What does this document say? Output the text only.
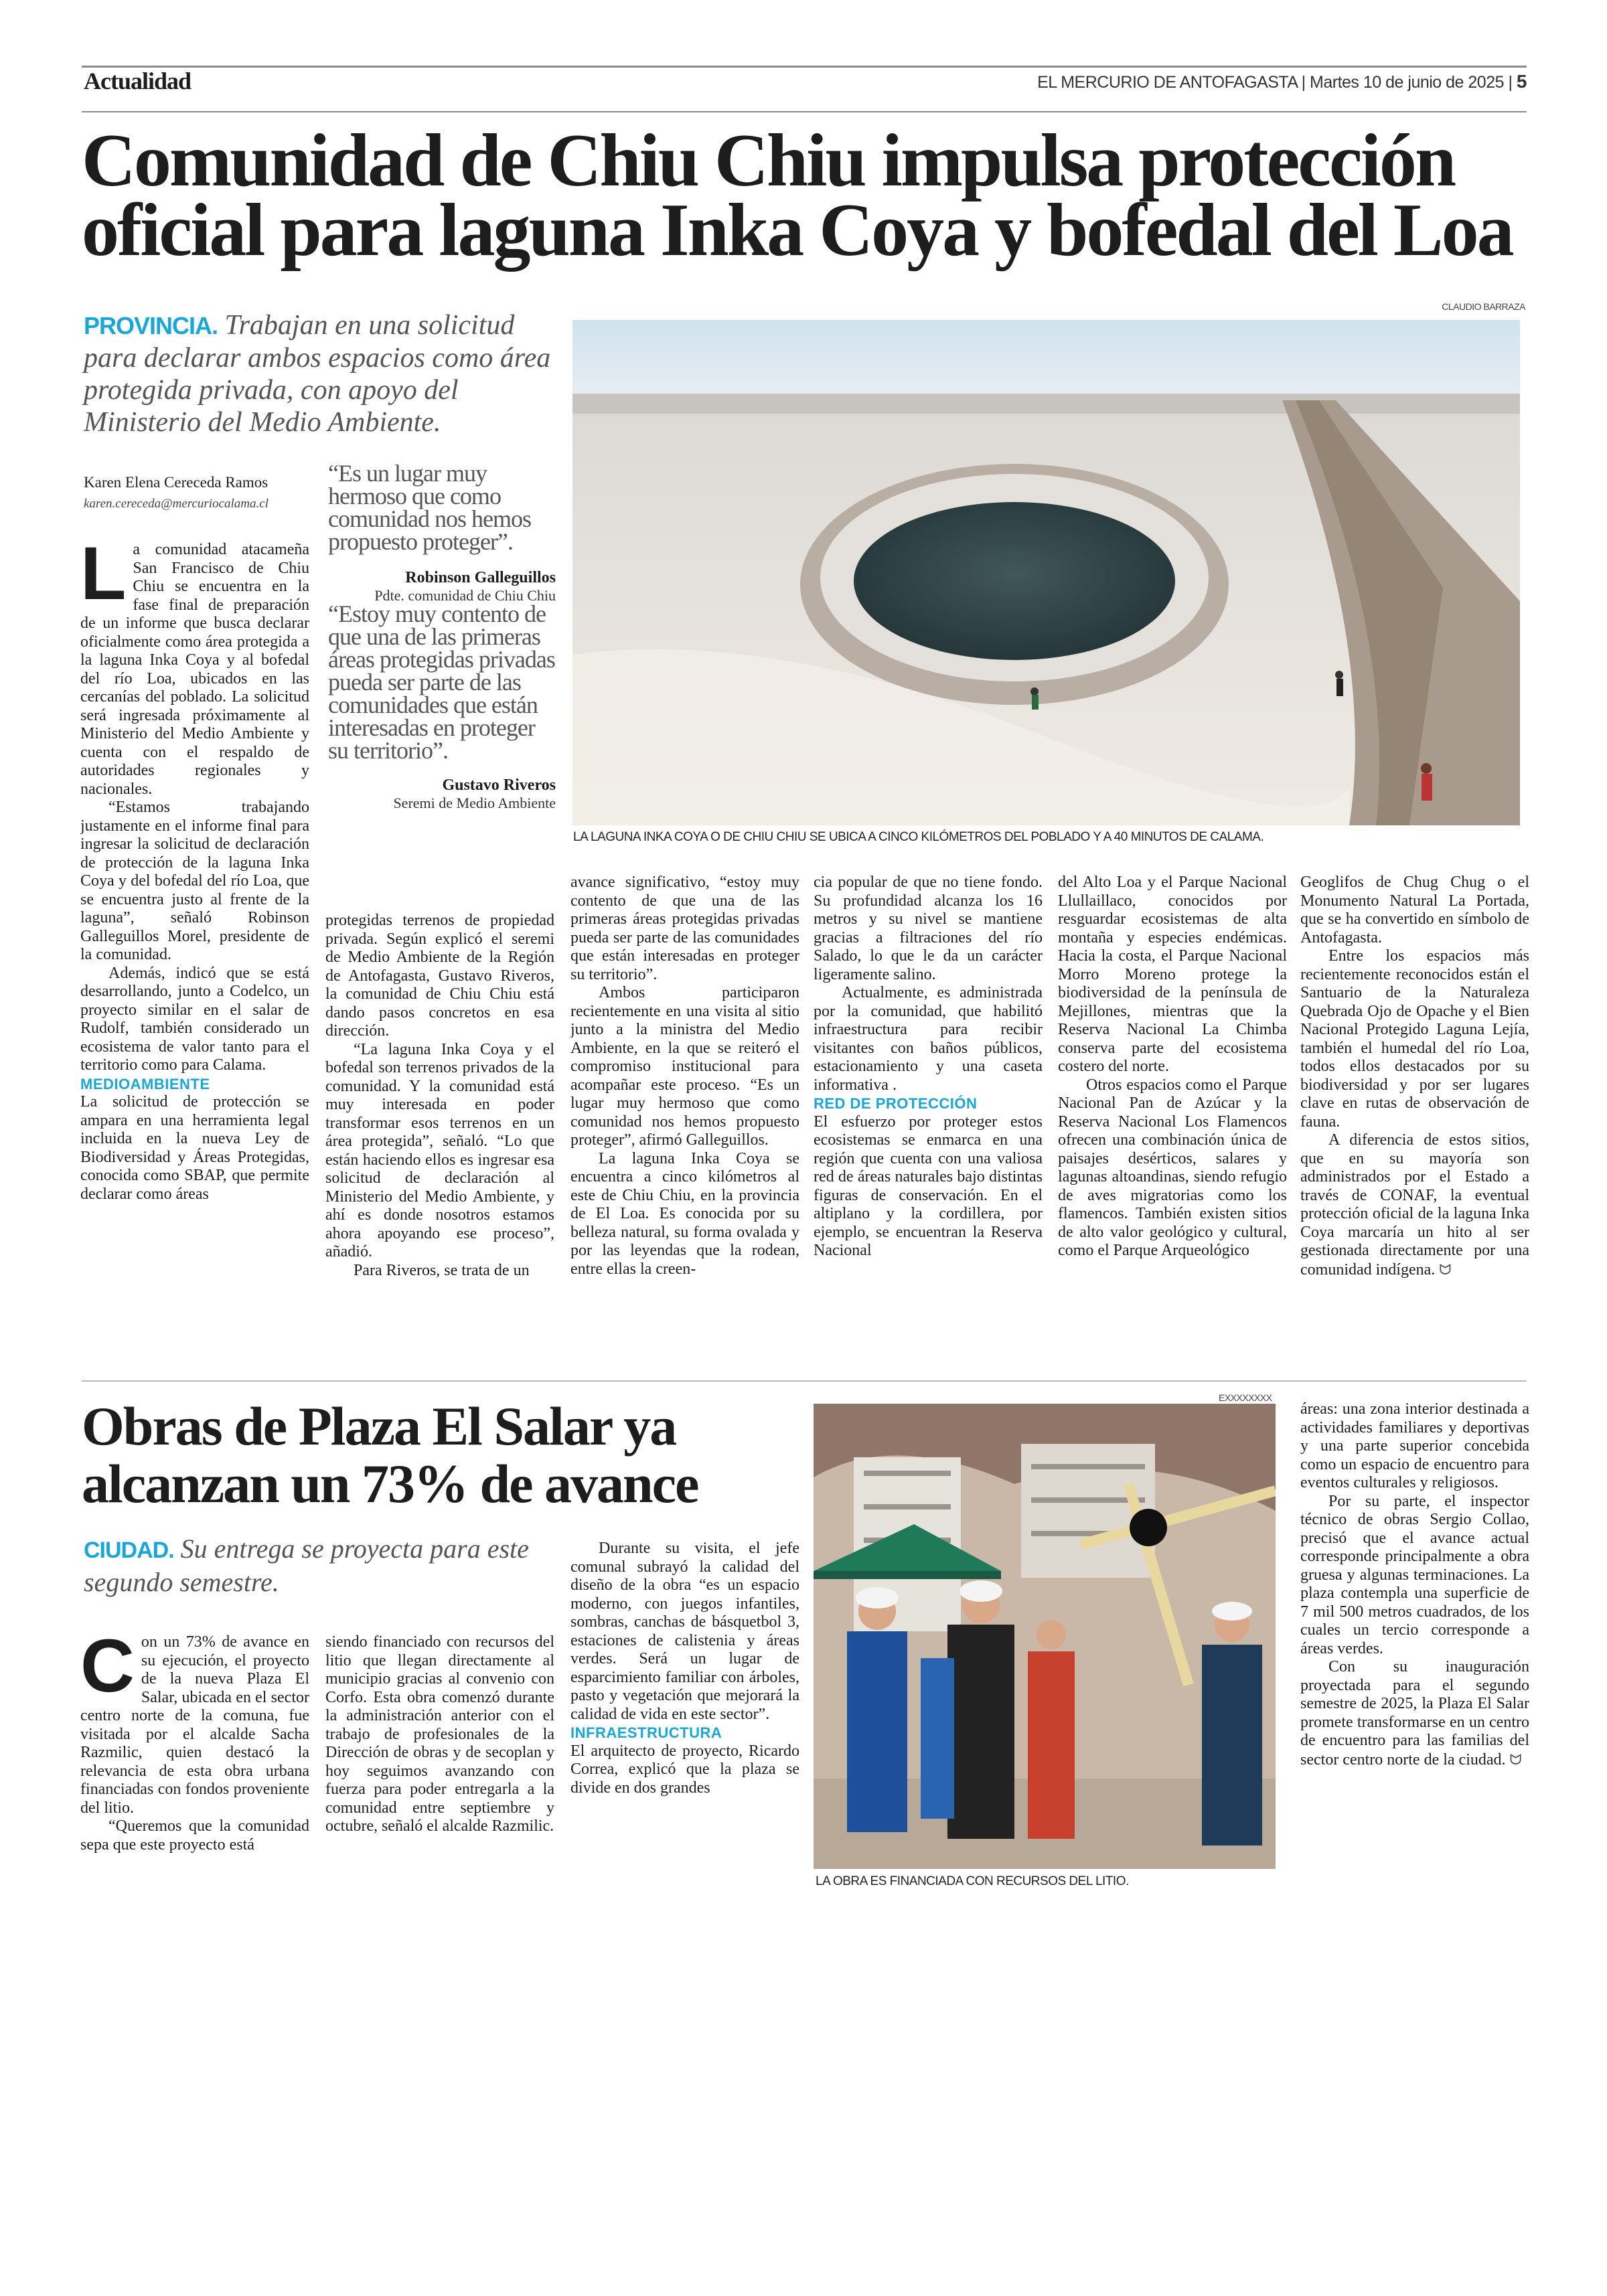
Actualidad	EL MERCURIO DE ANTOFAGASTA | Martes 10 de junio de 2025 | 5
Comunidad de Chiu Chiu impulsa protección
oficial para laguna Inka Coya y bofedal del Loa
PROVINCIA. Trabajan en una solicitud para declarar ambos espacios como área protegida privada, con apoyo del Ministerio del Medio Ambiente.
Karen Elena Cereceda Ramos
karen.cereceda@mercuriocalama.cl
CLAUDIO BARRAZA
LA LAGUNA INKA COYA O DE CHIU CHIU SE UBICA A CINCO KILÓMETROS DEL POBLADO Y A 40 MINUTOS DE CALAMA.
“Es un lugar muy hermoso que como comunidad nos hemos propuesto proteger”.
Robinson Galleguillos
Pdte. comunidad de Chiu Chiu
“Estoy muy contento de que una de las primeras áreas protegidas privadas pueda ser parte de las comunidades que están interesadas en proteger su territorio”.
Gustavo Riveros
Seremi de Medio Ambiente

La comunidad atacameña San Francisco de Chiu Chiu se encuentra en la fase final de preparación de un informe que busca declarar oficialmente como área protegida a la laguna Inka Coya y al bofedal del río Loa, ubicados en las cercanías del poblado. La solicitud será ingresada próximamente al Ministerio del Medio Ambiente y cuenta con el respaldo de autoridades regionales y nacionales.

“Estamos trabajando justamente en el informe final para ingresar la solicitud de declaración de protección de la laguna Inka Coya y del bofedal del río Loa, que se encuentra justo al frente de la laguna”, señaló Robinson Galleguillos Morel, presidente de la comunidad.

Además, indicó que se está desarrollando, junto a Codelco, un proyecto similar en el salar de Rudolf, también considerado un ecosistema de valor tanto para el territorio como para Calama.

MEDIOAMBIENTE

La solicitud de protección se ampara en una herramienta legal incluida en la nueva Ley de Biodiversidad y Áreas Protegidas, conocida como SBAP, que permite declarar como áreas

protegidas terrenos de propiedad privada. Según explicó el seremi de Medio Ambiente de la Región de Antofagasta, Gustavo Riveros, la comunidad de Chiu Chiu está dando pasos concretos en esa dirección.

“La laguna Inka Coya y el bofedal son terrenos privados de la comunidad. Y la comunidad está muy interesada en poder transformar esos terrenos en un área protegida”, señaló. “Lo que están haciendo ellos es ingresar esa solicitud de declaración al Ministerio del Medio Ambiente, y ahí es donde nosotros estamos ahora apoyando ese proceso”, añadió.

Para Riveros, se trata de un

avance significativo, “estoy muy contento de que una de las primeras áreas protegidas privadas pueda ser parte de las comunidades que están interesadas en proteger su territorio”.

Ambos participaron recientemente en una visita al sitio junto a la ministra del Medio Ambiente, en la que se reiteró el compromiso institucional para acompañar este proceso. “Es un lugar muy hermoso que como comunidad nos hemos propuesto proteger”, afirmó Galleguillos.

La laguna Inka Coya se encuentra a cinco kilómetros al este de Chiu Chiu, en la provincia de El Loa. Es conocida por su belleza natural, su forma ovalada y por las leyendas que la rodean, entre ellas la creen-

cia popular de que no tiene fondo. Su profundidad alcanza los 16 metros y su nivel se mantiene gracias a filtraciones del río Salado, lo que le da un carácter ligeramente salino.

Actualmente, es administrada por la comunidad, que habilitó infraestructura para recibir visitantes con baños públicos, estacionamiento y una caseta informativa .

RED DE PROTECCIÓN

El esfuerzo por proteger estos ecosistemas se enmarca en una región que cuenta con una valiosa red de áreas naturales bajo distintas figuras de conservación. En el altiplano y la cordillera, por ejemplo, se encuentran la Reserva Nacional

del Alto Loa y el Parque Nacional Llullaillaco, conocidos por resguardar ecosistemas de alta montaña y especies endémicas. Hacia la costa, el Parque Nacional Morro Moreno protege la biodiversidad de la península de Mejillones, mientras que la Reserva Nacional La Chimba conserva parte del ecosistema costero del norte.

Otros espacios como el Parque Nacional Pan de Azúcar y la Reserva Nacional Los Flamencos ofrecen una combinación única de paisajes desérticos, salares y lagunas altoandinas, siendo refugio de aves migratorias como los flamencos. También existen sitios de alto valor geológico y cultural, como el Parque Arqueológico

Geoglifos de Chug Chug o el Monumento Natural La Portada, que se ha convertido en símbolo de Antofagasta.

Entre los espacios más recientemente reconocidos están el Santuario de la Naturaleza Quebrada Ojo de Opache y el Bien Nacional Protegido Laguna Lejía, también el humedal del río Loa, todos ellos destacados por su biodiversidad y por ser lugares clave en rutas de observación de fauna.

A diferencia de estos sitios, que en su mayoría son administrados por el Estado a través de CONAF, la eventual protección oficial de la laguna Inka Coya marcaría un hito al ser gestionada directamente por una comunidad indígena. ᗢ

Obras de Plaza El Salar ya
alcanzan un 73% de avance
CIUDAD. Su entrega se proyecta para este segundo semestre.

Con un 73% de avance en su ejecución, el proyecto de la nueva Plaza El Salar, ubicada en el sector centro norte de la comuna, fue visitada por el alcalde Sacha Razmilic, quien destacó la relevancia de esta obra urbana financiadas con fondos proveniente del litio.

“Queremos que la comunidad sepa que este proyecto está

siendo financiado con recursos del litio que llegan directamente al municipio gracias al convenio con Corfo. Esta obra comenzó durante la administración anterior con el trabajo de profesionales de la Dirección de obras y de secoplan y hoy seguimos avanzando con fuerza para poder entregarla a la comunidad entre septiembre y octubre, señaló el alcalde Razmilic.

Durante su visita, el jefe comunal subrayó la calidad del diseño de la obra “es un espacio moderno, con juegos infantiles, sombras, canchas de básquetbol 3, estaciones de calistenia y áreas verdes. Será un lugar de esparcimiento familiar con árboles, pasto y vegetación que mejorará la calidad de vida en este sector”.

INFRAESTRUCTURA

El arquitecto de proyecto, Ricardo Correa, explicó que la plaza se divide en dos grandes

EXXXXXXXX
LA OBRA ES FINANCIADA CON RECURSOS DEL LITIO.

áreas: una zona interior destinada a actividades familiares y deportivas y una parte superior concebida como un espacio de encuentro para eventos culturales y religiosos.

Por su parte, el inspector técnico de obras Sergio Collao, precisó que el avance actual corresponde principalmente a obra gruesa y algunas terminaciones. La plaza contempla una superficie de 7 mil 500 metros cuadrados, de los cuales un tercio corresponde a áreas verdes.

Con su inauguración proyectada para el segundo semestre de 2025, la Plaza El Salar promete transformarse en un centro de encuentro para las familias del sector centro norte de la ciudad. ᗢ
